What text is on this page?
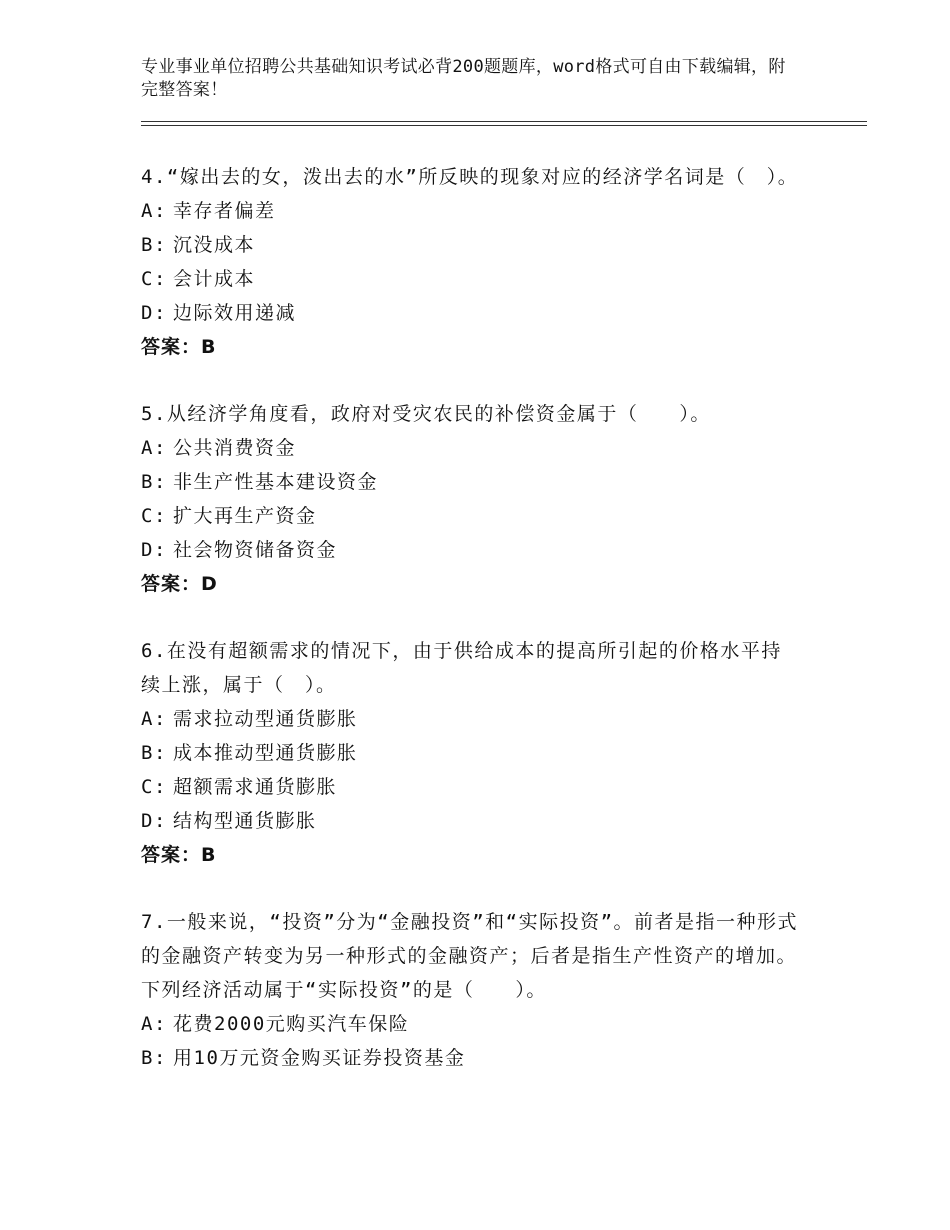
专业事业单位招聘公共基础知识考试必背200题题库，word格式可自由下载编辑，附完整答案！
4.“嫁出去的女，泼出去的水”所反映的现象对应的经济学名词是（　）。
A: 幸存者偏差
B: 沉没成本
C: 会计成本
D: 边际效用递减
答案：B
5.从经济学角度看，政府对受灾农民的补偿资金属于（　　）。
A: 公共消费资金
B: 非生产性基本建设资金
C: 扩大再生产资金
D: 社会物资储备资金
答案：D
6.在没有超额需求的情况下，由于供给成本的提高所引起的价格水平持续上涨，属于（　）。
A: 需求拉动型通货膨胀
B: 成本推动型通货膨胀
C: 超额需求通货膨胀
D: 结构型通货膨胀
答案：B
7.一般来说，“投资”分为“金融投资”和“实际投资”。前者是指一种形式的金融资产转变为另一种形式的金融资产；后者是指生产性资产的增加。下列经济活动属于“实际投资”的是（　　）。
A: 花费2000元购买汽车保险
B: 用10万元资金购买证券投资基金
